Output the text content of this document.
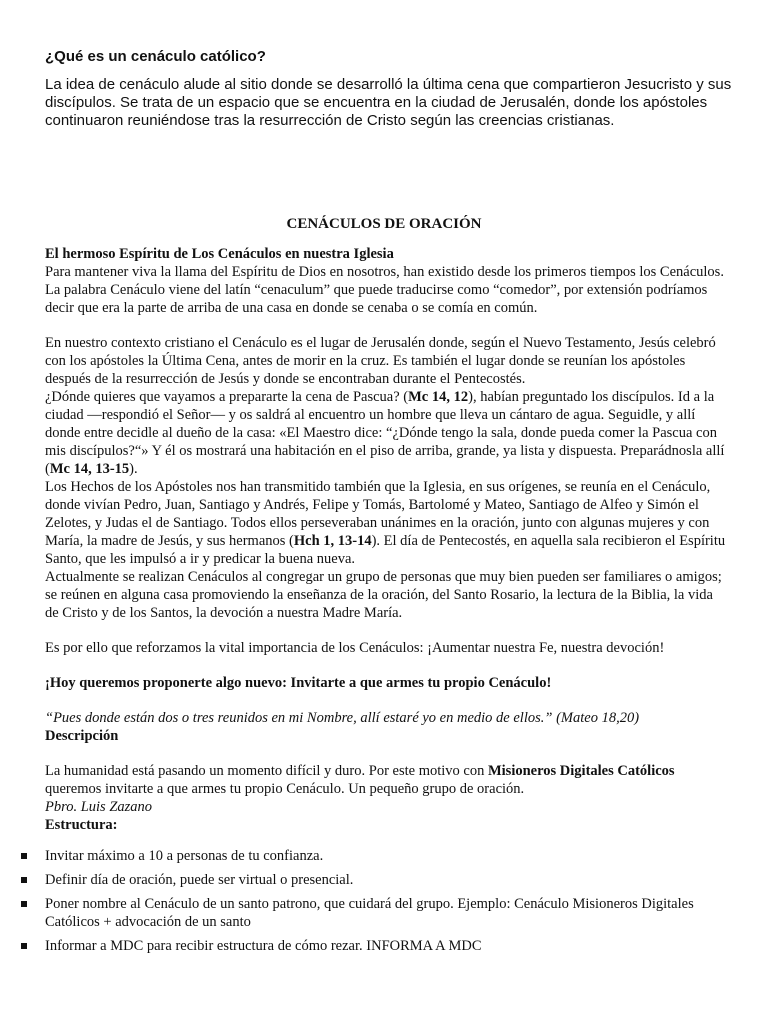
¿Qué es un cenáculo católico?

La idea de cenáculo alude al sitio donde se desarrolló la última cena que compartieron Jesucristo y sus discípulos. Se trata de un espacio que se encuentra en la ciudad de Jerusalén, donde los apóstoles continuaron reuniéndose tras la resurrección de Cristo según las creencias cristianas.

CENÁCULOS DE ORACIÓN

El hermoso Espíritu de Los Cenáculos en nuestra Iglesia

Para mantener viva la llama del Espíritu de Dios en nosotros, han existido desde los primeros tiempos los Cenáculos. La palabra Cenáculo viene del latín “cenaculum” que puede traducirse como “comedor”, por extensión podríamos decir que era la parte de arriba de una casa en donde se cenaba o se comía en común.

En nuestro contexto cristiano el Cenáculo es el lugar de Jerusalén donde, según el Nuevo Testamento, Jesús celebró con los apóstoles la Última Cena, antes de morir en la cruz. Es también el lugar donde se reunían los apóstoles después de la resurrección de Jesús y donde se encontraban durante el Pentecostés.

¿Dónde quieres que vayamos a prepararte la cena de Pascua? (Mc 14, 12), habían preguntado los discípulos. Id a la ciudad —respondió el Señor— y os saldrá al encuentro un hombre que lleva un cántaro de agua. Seguidle, y allí donde entre decidle al dueño de la casa: «El Maestro dice: “¿Dónde tengo la sala, donde pueda comer la Pascua con mis discípulos?“» Y él os mostrará una habitación en el piso de arriba, grande, ya lista y dispuesta. Preparádnosla allí (Mc 14, 13-15).

Los Hechos de los Apóstoles nos han transmitido también que la Iglesia, en sus orígenes, se reunía en el Cenáculo, donde vivían Pedro, Juan, Santiago y Andrés, Felipe y Tomás, Bartolomé y Mateo, Santiago de Alfeo y Simón el Zelotes, y Judas el de Santiago. Todos ellos perseveraban unánimes en la oración, junto con algunas mujeres y con María, la madre de Jesús, y sus hermanos (Hch 1, 13-14). El día de Pentecostés, en aquella sala recibieron el Espíritu Santo, que les impulsó a ir y predicar la buena nueva.

Actualmente se realizan Cenáculos al congregar un grupo de personas que muy bien pueden ser familiares o amigos; se reúnen en alguna casa promoviendo la enseñanza de la oración, del Santo Rosario, la lectura de la Biblia, la vida de Cristo y de los Santos, la devoción a nuestra Madre María.

Es por ello que reforzamos la vital importancia de los Cenáculos: ¡Aumentar nuestra Fe, nuestra devoción!

¡Hoy queremos proponerte algo nuevo: Invitarte a que armes tu propio Cenáculo!

“Pues donde están dos o tres reunidos en mi Nombre, allí estaré yo en medio de ellos.” (Mateo 18,20)

Descripción

La humanidad está pasando un momento difícil y duro. Por este motivo con Misioneros Digitales Católicos queremos invitarte a que armes tu propio Cenáculo. Un pequeño grupo de oración.

Pbro. Luis Zazano

Estructura:

Invitar máximo a 10 a personas de tu confianza.
Definir día de oración, puede ser virtual o presencial.
Poner nombre al Cenáculo de un santo patrono, que cuidará del grupo. Ejemplo: Cenáculo Misioneros Digitales Católicos + advocación de un santo
Informar a MDC para recibir estructura de cómo rezar. INFORMA A MDC
